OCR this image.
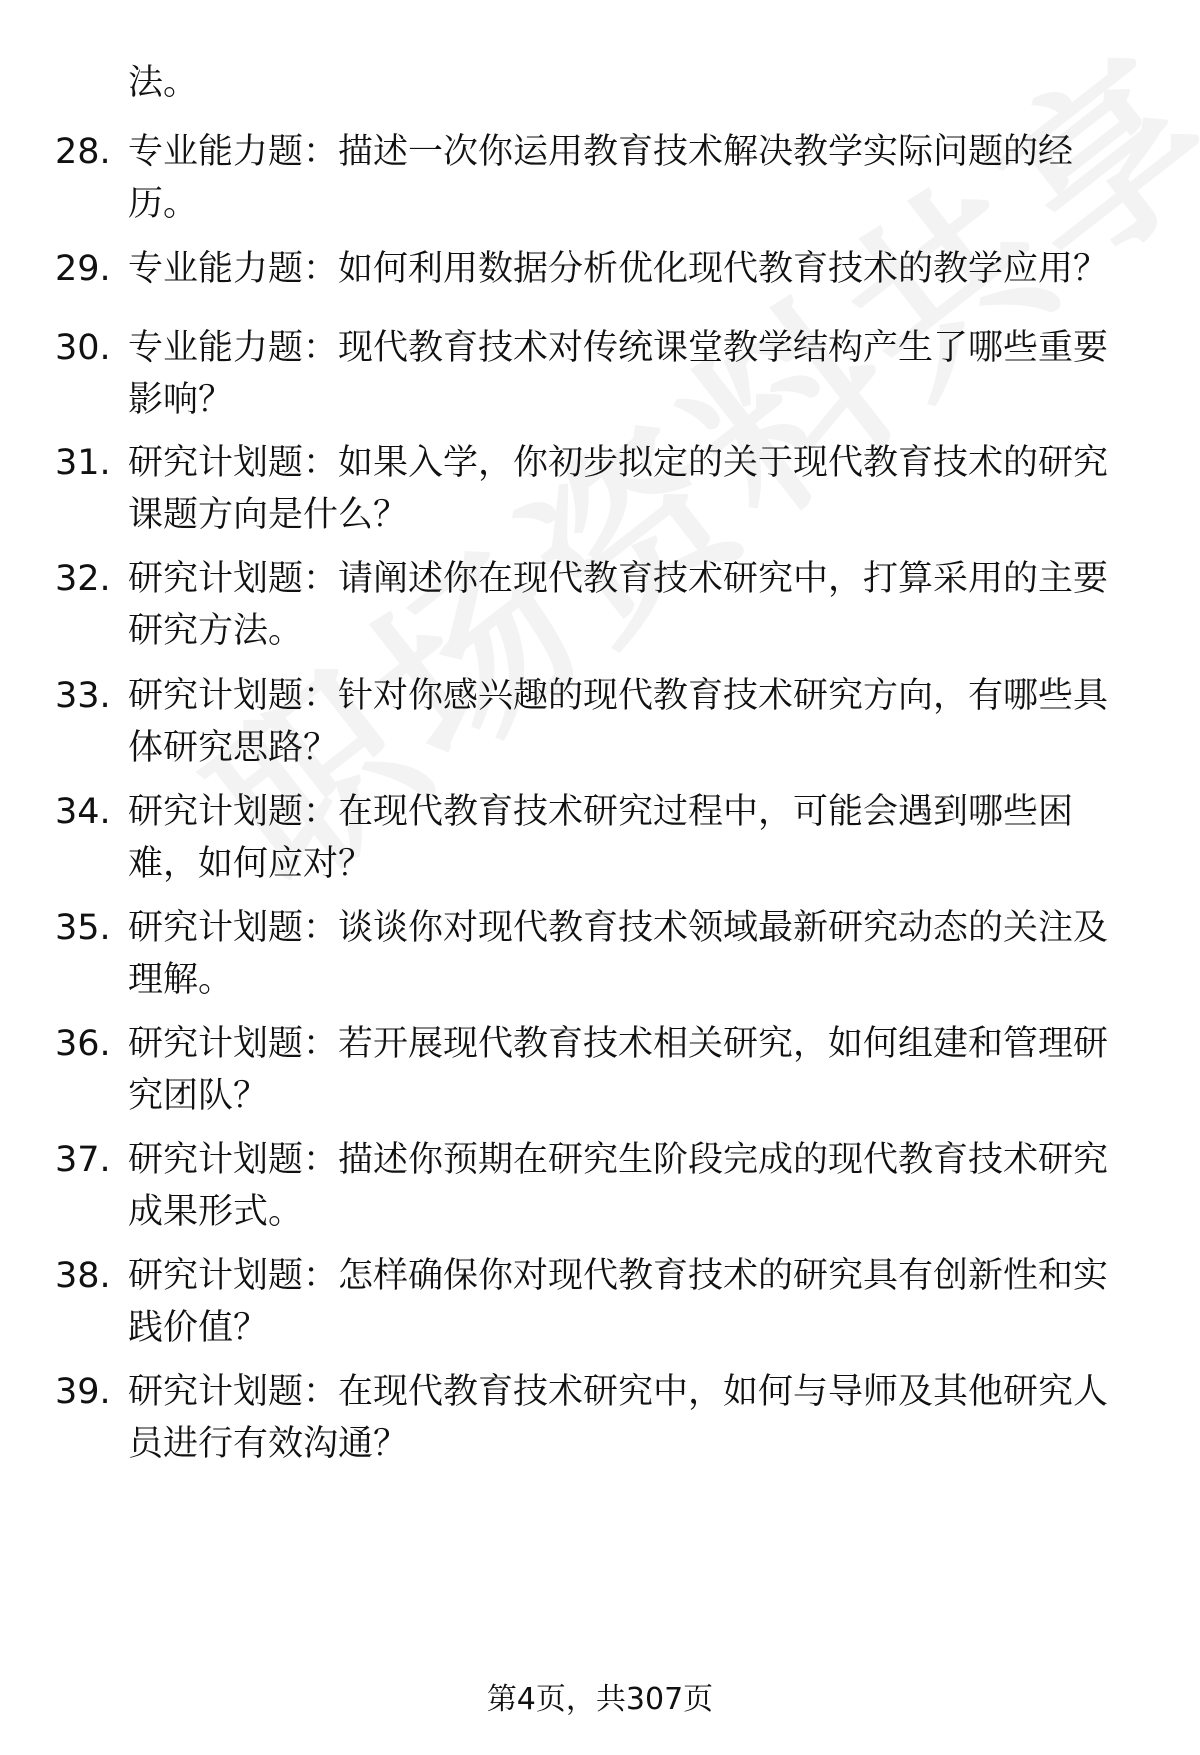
法。

28. 专业能力题：描述一次你运用教育技术解决教学实际问题的经历。
29. 专业能力题：如何利用数据分析优化现代教育技术的教学应用？
30. 专业能力题：现代教育技术对传统课堂教学结构产生了哪些重要影响？
31. 研究计划题：如果入学，你初步拟定的关于现代教育技术的研究课题方向是什么？
32. 研究计划题：请阐述你在现代教育技术研究中，打算采用的主要研究方法。
33. 研究计划题：针对你感兴趣的现代教育技术研究方向，有哪些具体研究思路？
34. 研究计划题：在现代教育技术研究过程中，可能会遇到哪些困难，如何应对？
35. 研究计划题：谈谈你对现代教育技术领域最新研究动态的关注及理解。
36. 研究计划题：若开展现代教育技术相关研究，如何组建和管理研究团队？
37. 研究计划题：描述你预期在研究生阶段完成的现代教育技术研究成果形式。
38. 研究计划题：怎样确保你对现代教育技术的研究具有创新性和实践价值？
39. 研究计划题：在现代教育技术研究中，如何与导师及其他研究人员进行有效沟通？
第4页，共307页
